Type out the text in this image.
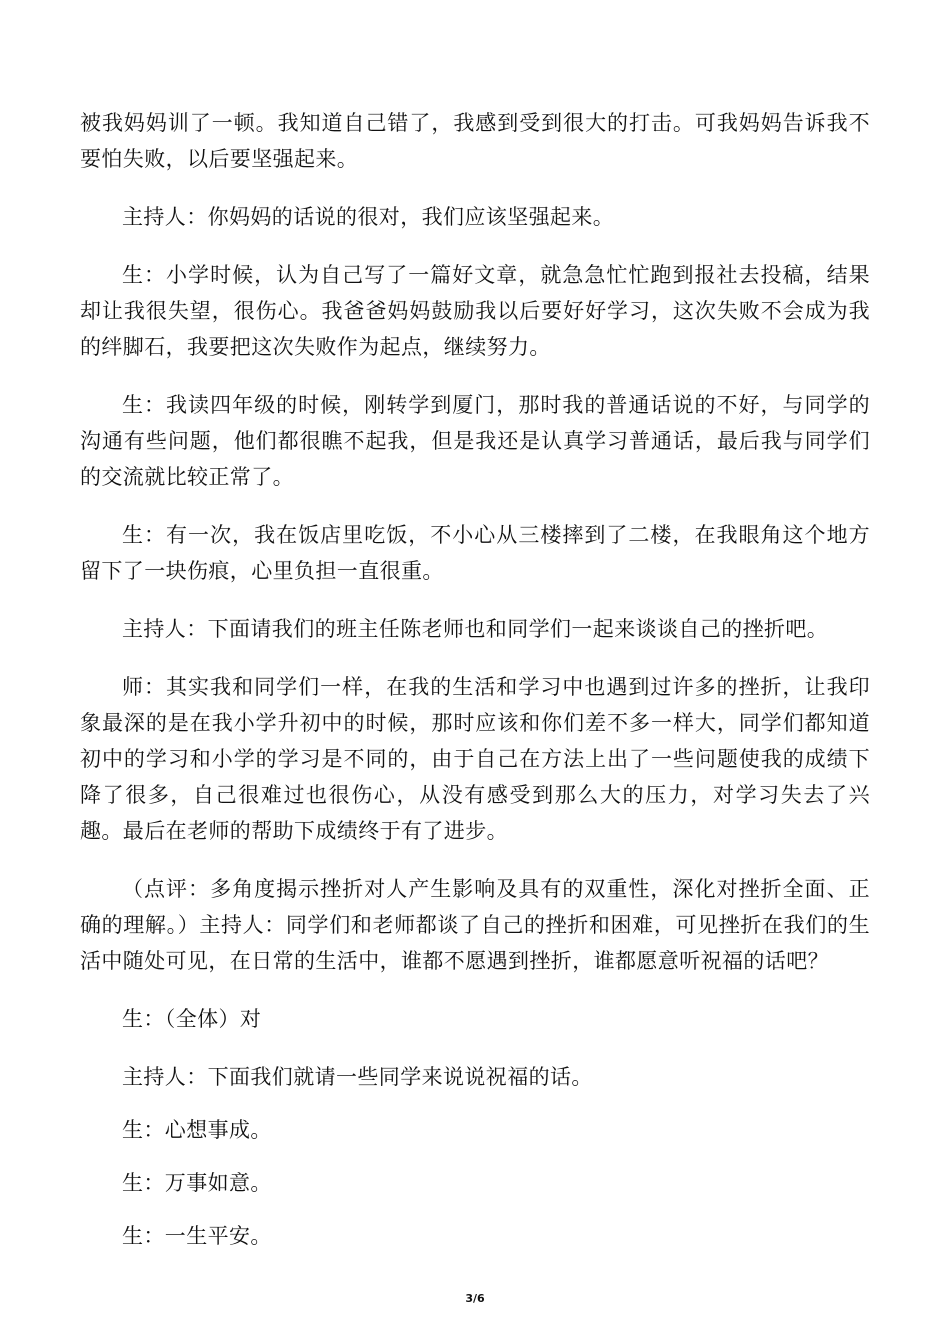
被我妈妈训了一顿。我知道自己错了，我感到受到很大的打击。可我妈妈告诉我不要怕失败，以后要坚强起来。

主持人：你妈妈的话说的很对，我们应该坚强起来。

生：小学时候，认为自己写了一篇好文章，就急急忙忙跑到报社去投稿，结果却让我很失望，很伤心。我爸爸妈妈鼓励我以后要好好学习，这次失败不会成为我的绊脚石，我要把这次失败作为起点，继续努力。

生：我读四年级的时候，刚转学到厦门，那时我的普通话说的不好，与同学的沟通有些问题，他们都很瞧不起我，但是我还是认真学习普通话，最后我与同学们的交流就比较正常了。

生：有一次，我在饭店里吃饭，不小心从三楼摔到了二楼，在我眼角这个地方留下了一块伤痕，心里负担一直很重。

主持人：下面请我们的班主任陈老师也和同学们一起来谈谈自己的挫折吧。

师：其实我和同学们一样，在我的生活和学习中也遇到过许多的挫折，让我印象最深的是在我小学升初中的时候，那时应该和你们差不多一样大，同学们都知道初中的学习和小学的学习是不同的，由于自己在方法上出了一些问题使我的成绩下降了很多，自己很难过也很伤心，从没有感受到那么大的压力，对学习失去了兴趣。最后在老师的帮助下成绩终于有了进步。

（点评：多角度揭示挫折对人产生影响及具有的双重性，深化对挫折全面、正确的理解。）主持人：同学们和老师都谈了自己的挫折和困难，可见挫折在我们的生活中随处可见，在日常的生活中，谁都不愿遇到挫折，谁都愿意听祝福的话吧？

生：（全体）对

主持人：下面我们就请一些同学来说说祝福的话。

生：心想事成。

生：万事如意。

生：一生平安。

3/6
